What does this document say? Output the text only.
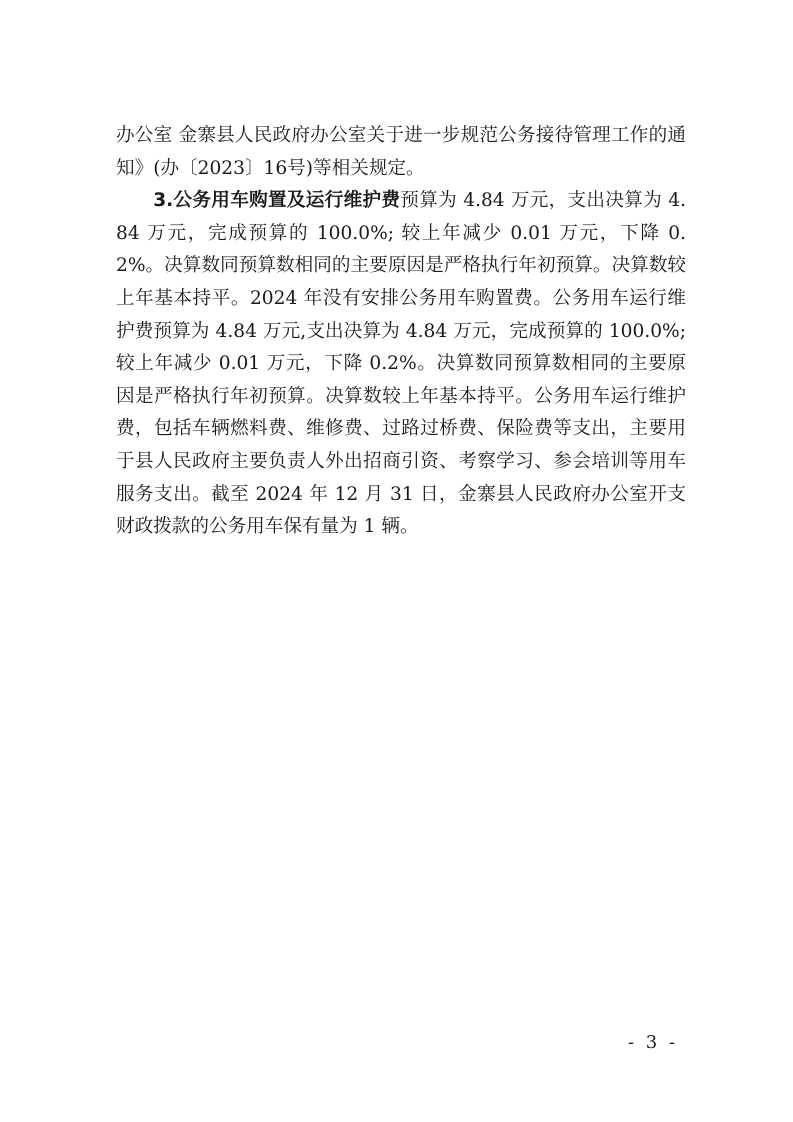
办公室 金寨县人民政府办公室关于进一步规范公务接待管理工作的通知》(办〔2023〕16号)等相关规定。

3.公务用车购置及运行维护费预算为 4.84 万元，支出决算为 4.84 万元，完成预算的 100.0%; 较上年减少 0.01 万元，下降 0.2%。决算数同预算数相同的主要原因是严格执行年初预算。决算数较上年基本持平。2024 年没有安排公务用车购置费。公务用车运行维护费预算为 4.84 万元,支出决算为 4.84 万元，完成预算的 100.0%; 较上年减少 0.01 万元，下降 0.2%。决算数同预算数相同的主要原因是严格执行年初预算。决算数较上年基本持平。公务用车运行维护费，包括车辆燃料费、维修费、过路过桥费、保险费等支出，主要用于县人民政府主要负责人外出招商引资、考察学习、参会培训等用车服务支出。截至 2024 年 12 月 31 日，金寨县人民政府办公室开支财政拨款的公务用车保有量为 1 辆。

- 3 -
